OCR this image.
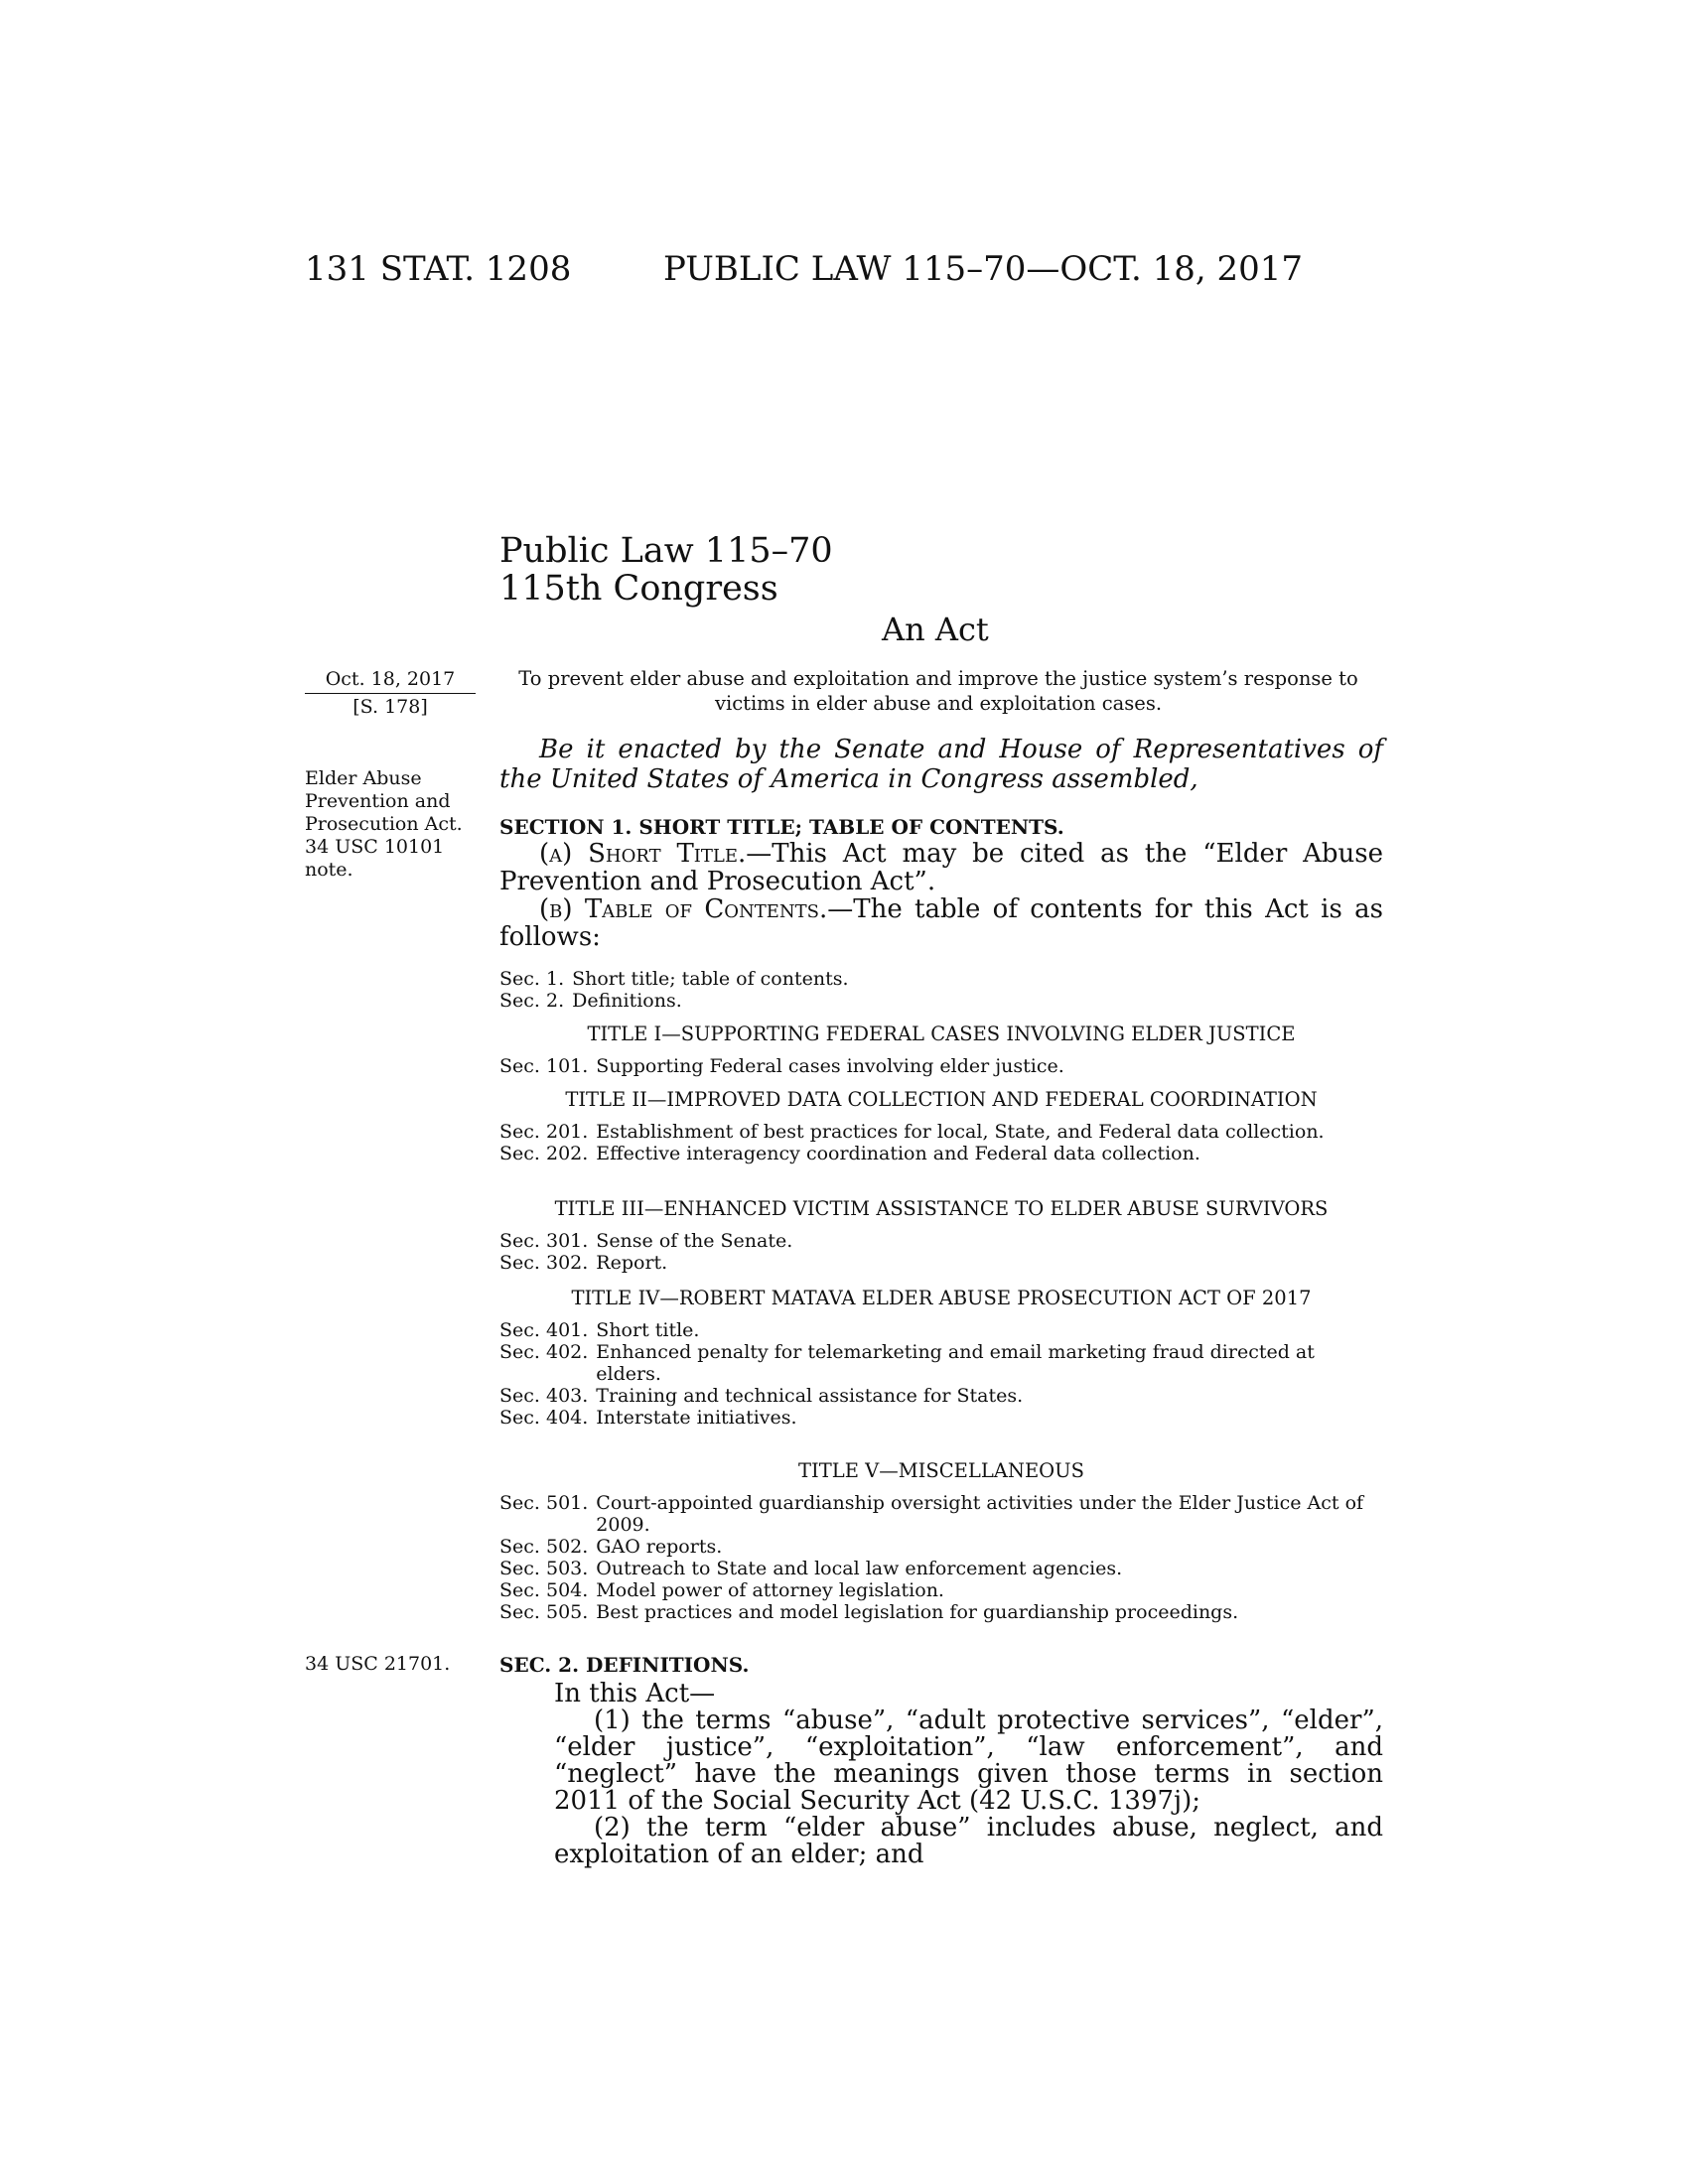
131 STAT. 1208	PUBLIC LAW 115–70—OCT. 18, 2017
Public Law 115–70
115th Congress
An Act
Oct. 18, 2017
[S. 178]
To prevent elder abuse and exploitation and improve the justice system’s response to victims in elder abuse and exploitation cases.
Be it enacted by the Senate and House of Representatives of the United States of America in Congress assembled,
Elder Abuse
Prevention and
Prosecution Act.
34 USC 10101
note.
SECTION 1. SHORT TITLE; TABLE OF CONTENTS.
(a) Short Title.—This Act may be cited as the “Elder Abuse Prevention and Prosecution Act”.
(b) Table of Contents.—The table of contents for this Act is as follows:
Sec. 1. Short title; table of contents.
Sec. 2. Definitions.
TITLE I—SUPPORTING FEDERAL CASES INVOLVING ELDER JUSTICE
Sec. 101. Supporting Federal cases involving elder justice.
TITLE II—IMPROVED DATA COLLECTION AND FEDERAL COORDINATION
Sec. 201. Establishment of best practices for local, State, and Federal data collection.
Sec. 202. Effective interagency coordination and Federal data collection.
TITLE III—ENHANCED VICTIM ASSISTANCE TO ELDER ABUSE SURVIVORS
Sec. 301. Sense of the Senate.
Sec. 302. Report.
TITLE IV—ROBERT MATAVA ELDER ABUSE PROSECUTION ACT OF 2017
Sec. 401. Short title.
Sec. 402. Enhanced penalty for telemarketing and email marketing fraud directed at elders.
Sec. 403. Training and technical assistance for States.
Sec. 404. Interstate initiatives.
TITLE V—MISCELLANEOUS
Sec. 501. Court-appointed guardianship oversight activities under the Elder Justice Act of 2009.
Sec. 502. GAO reports.
Sec. 503. Outreach to State and local law enforcement agencies.
Sec. 504. Model power of attorney legislation.
Sec. 505. Best practices and model legislation for guardianship proceedings.
34 USC 21701. SEC. 2. DEFINITIONS.

In this Act—

(1) the terms “abuse”, “adult protective services”, “elder”, “elder justice”, “exploitation”, “law enforcement”, and “neglect” have the meanings given those terms in section 2011 of the Social Security Act (42 U.S.C. 1397j);

(2) the term “elder abuse” includes abuse, neglect, and exploitation of an elder; and
